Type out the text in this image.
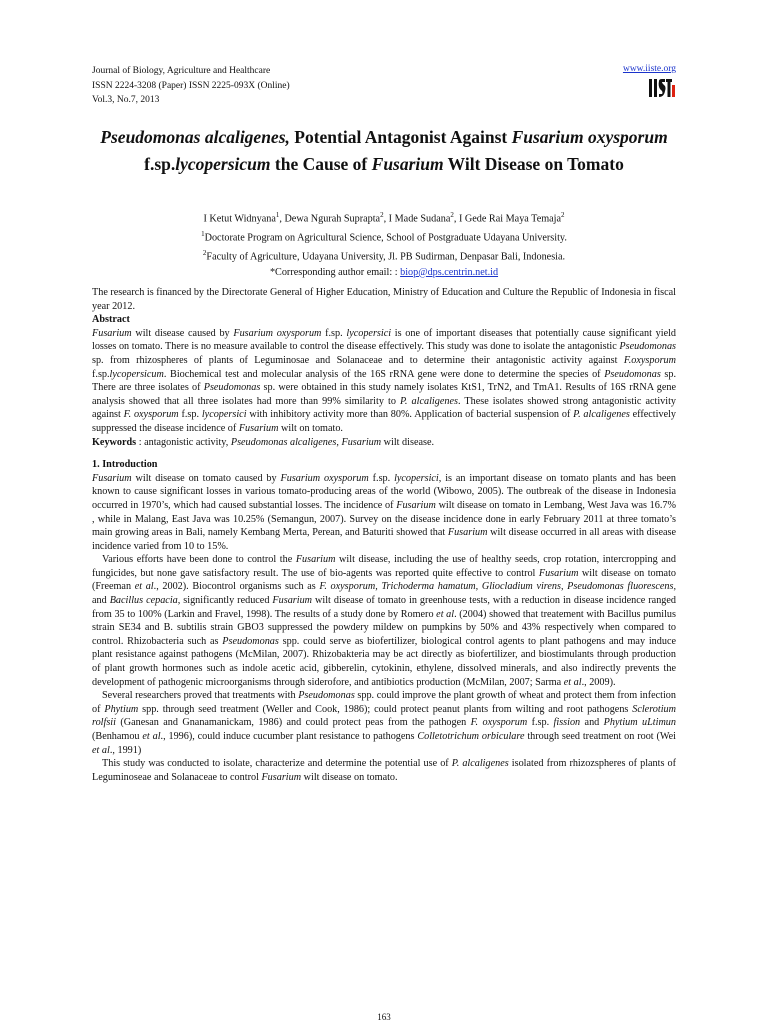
Journal of Biology, Agriculture and Healthcare
ISSN 2224-3208 (Paper) ISSN 2225-093X (Online)
Vol.3, No.7, 2013
www.iiste.org
Pseudomonas alcaligenes, Potential Antagonist Against Fusarium oxysporum f.sp.lycopersicum the Cause of Fusarium Wilt Disease on Tomato
I Ketut Widnyana$^1$, Dewa Ngurah Suprapta$^2$, I Made Sudana$^2$, I Gede Rai Maya Temaja$^2$
$^1$Doctorate Program on Agricultural Science, School of Postgraduate Udayana University.
$^2$Faculty of Agriculture, Udayana University, Jl. PB Sudirman, Denpasar Bali, Indonesia.
*Corresponding author email: : biop@dps.centrin.net.id

The research is financed by the Directorate General of Higher Education, Ministry of Education and Culture the Republic of Indonesia in fiscal year 2012.

Abstract

Fusarium wilt disease caused by Fusarium oxysporum f.sp. lycopersici is one of important diseases that potentially cause significant yield losses on tomato. There is no measure available to control the disease effectively. This study was done to isolate the antagonistic Pseudomonas sp. from rhizospheres of plants of Leguminosae and Solanaceae and to determine their antagonistic activity against F.oxysporum f.sp.lycopersicum. Biochemical test and molecular analysis of the 16S rRNA gene were done to determine the species of Pseudomonas sp. There are three isolates of Pseudomonas sp. were obtained in this study namely isolates KtS1, TrN2, and TmA1. Results of 16S rRNA gene analysis showed that all three isolates had more than 99% similarity to P. alcaligenes. These isolates showed strong antagonistic activity against F. oxysporum f.sp. lycopersici with inhibitory activity more than 80%. Application of bacterial suspension of P. alcaligenes effectively suppressed the disease incidence of Fusarium wilt on tomato.

Keywords : antagonistic activity, Pseudomonas alcaligenes, Fusarium wilt disease.

1. Introduction

Fusarium wilt disease on tomato caused by Fusarium oxysporum f.sp. lycopersici, is an important disease on tomato plants and has been known to cause significant losses in various tomato-producing areas of the world (Wibowo, 2005). The outbreak of the disease in Indonesia occurred in 1970’s, which had caused substantial losses. The incidence of Fusarium wilt disease on tomato in Lembang, West Java was 16.7% , while in Malang, East Java was 10.25% (Semangun, 2007). Survey on the disease incidence done in early February 2011 at three tomato’s main growing areas in Bali, namely Kembang Merta, Perean, and Baturiti showed that Fusarium wilt disease occurred in all areas with disease incidence varied from 10 to 15%.

Various efforts have been done to control the Fusarium wilt disease, including the use of healthy seeds, crop rotation, intercropping and fungicides, but none gave satisfactory result. The use of bio-agents was reported quite effective to control Fusarium wilt disease on tomato (Freeman et al., 2002). Biocontrol organisms such as F. oxysporum, Trichoderma hamatum, Gliocladium virens, Pseudomonas fluorescens, and Bacillus cepacia, significantly reduced Fusarium wilt disease of tomato in greenhouse tests, with a reduction in disease incidence ranged from 35 to 100% (Larkin and Fravel, 1998). The results of a study done by Romero et al. (2004) showed that treatement with Bacillus pumilus strain SE34 and B. subtilis strain GBO3 suppressed the powdery mildew on pumpkins by 50% and 43% respectively when compared to control. Rhizobacteria such as Pseudomonas spp. could serve as biofertilizer, biological control agents to plant pathogens and may induce plant resistance against pathogens (McMilan, 2007). Rhizobakteria may be act directly as biofertilizer, and biostimulants through production of plant growth hormones such as indole acetic acid, gibberelin, cytokinin, ethylene, dissolved minerals, and also indirectly prevents the development of pathogenic microorganisms through siderofore, and antibiotics production (McMilan, 2007; Sarma et al., 2009).

Several researchers proved that treatments with Pseudomonas spp. could improve the plant growth of wheat and protect them from infection of Phytium spp. through seed treatment (Weller and Cook, 1986); could protect peanut plants from wilting and root pathogens Sclerotium rolfsii (Ganesan and Gnanamanickam, 1986) and could protect peas from the pathogen F. oxysporum f.sp. fission and Phytium uLtimun (Benhamou et al., 1996), could induce cucumber plant resistance to pathogens Colletotrichum orbiculare through seed treatment on root (Wei et al., 1991)

This study was conducted to isolate, characterize and determine the potential use of P. alcaligenes isolated from rhizozspheres of plants of Leguminoseae and Solanaceae to control Fusarium wilt disease on tomato.

163
